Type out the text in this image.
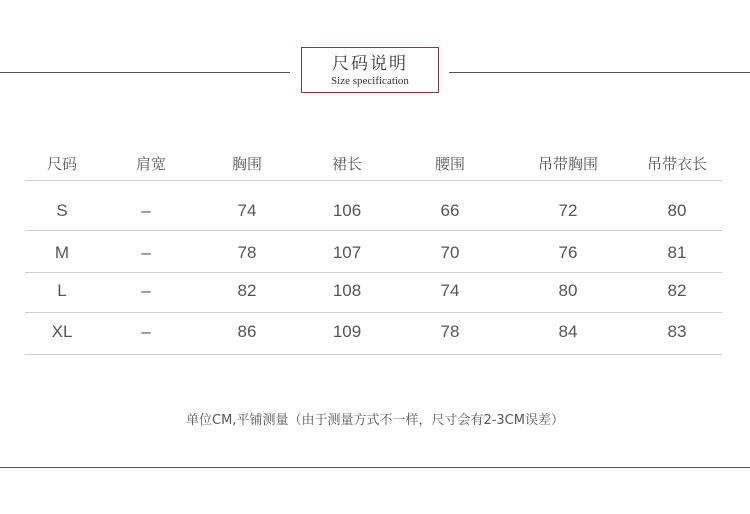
尺码说明
Size specification
尺码	肩宽	胸围	裙长	腰围	吊带胸围	吊带衣长
S	–	74	106	66	72	80
M	–	78	107	70	76	81
L	–	82	108	74	80	82
XL	–	86	109	78	84	83
单位CM,平铺测量（由于测量方式不一样，尺寸会有2-3CM误差）
